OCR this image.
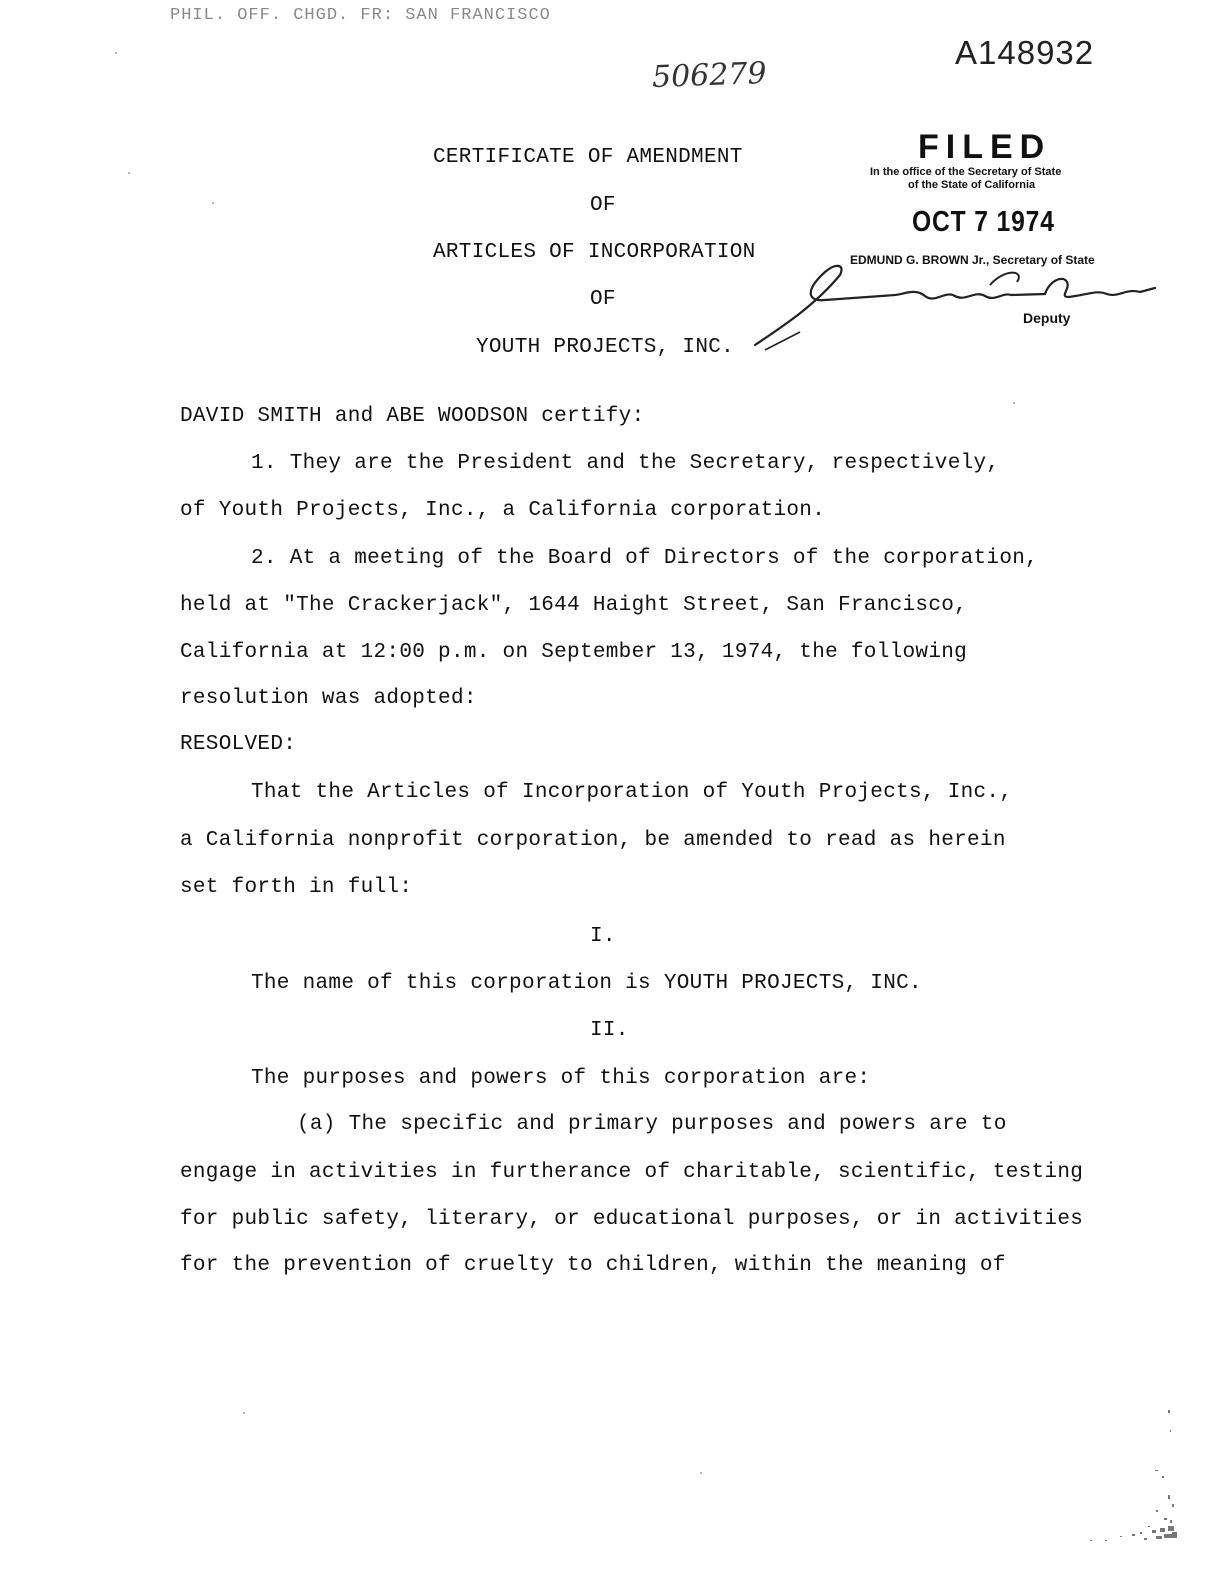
PHIL. OFF. CHGD. FR: SAN FRANCISCO
A148932
506279
CERTIFICATE OF AMENDMENT
OF
ARTICLES OF INCORPORATION
OF
YOUTH PROJECTS, INC.
FILED
In the office of the Secretary of State
of the State of California
OCT 7 1974
EDMUND G. BROWN Jr., Secretary of State
Deputy
DAVID SMITH and ABE WOODSON certify:
1. They are the President and the Secretary, respectively,
of Youth Projects, Inc., a California corporation.
2. At a meeting of the Board of Directors of the corporation,
held at "The Crackerjack", 1644 Haight Street, San Francisco,
California at 12:00 p.m. on September 13, 1974, the following
resolution was adopted:
RESOLVED:
That the Articles of Incorporation of Youth Projects, Inc.,
a California nonprofit corporation, be amended to read as herein
set forth in full:
I.
The name of this corporation is YOUTH PROJECTS, INC.
II.
The purposes and powers of this corporation are:
(a) The specific and primary purposes and powers are to
engage in activities in furtherance of charitable, scientific, testing
for public safety, literary, or educational purposes, or in activities
for the prevention of cruelty to children, within the meaning of
